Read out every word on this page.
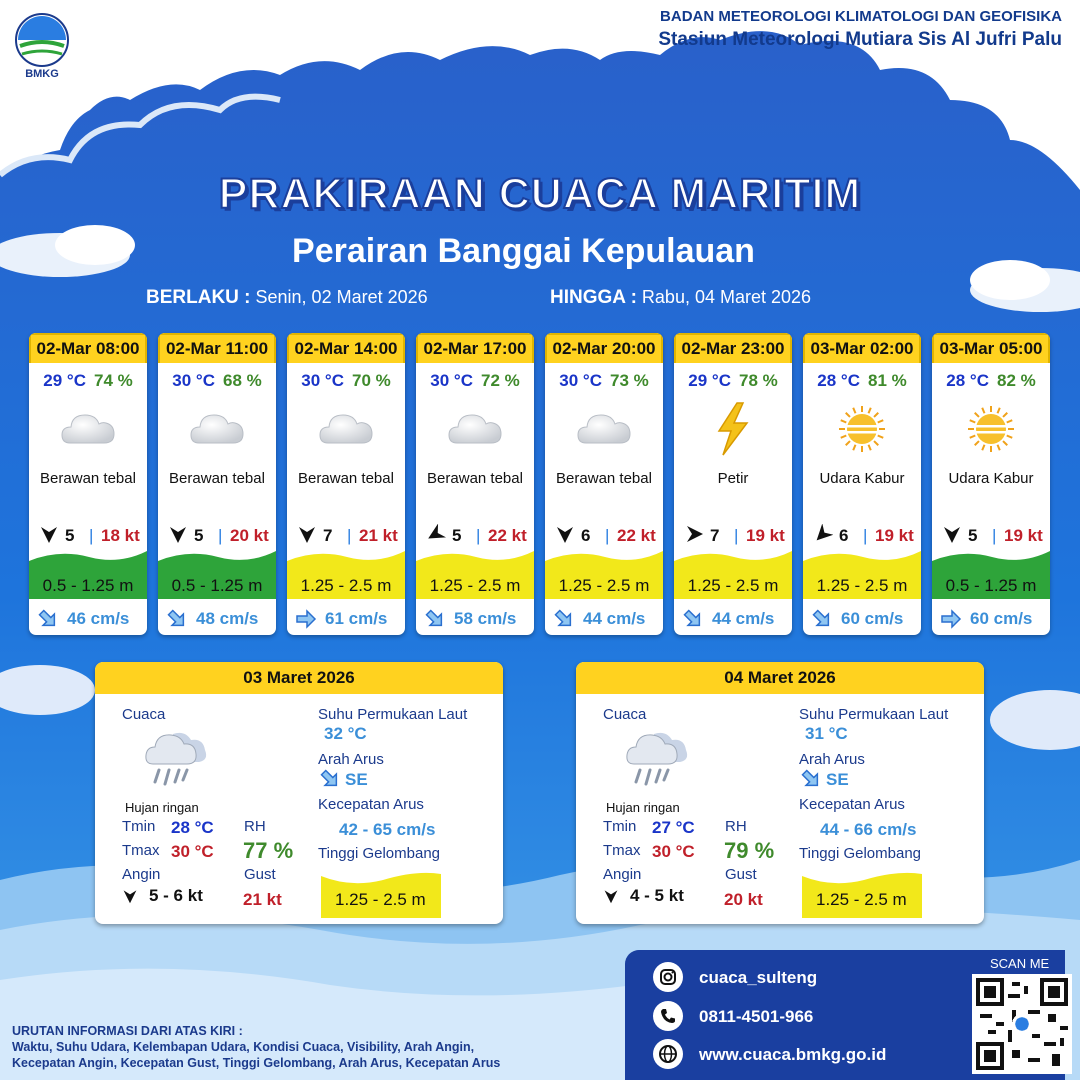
BMKG
BADAN METEOROLOGI KLIMATOLOGI DAN GEOFISIKA
Stasiun Meteorologi Mutiara Sis Al Jufri Palu
PRAKIRAAN CUACA MARITIM
Perairan Banggai Kepulauan
BERLAKU : Senin, 02 Maret 2026	HINGGA : Rabu, 04 Maret 2026
02-Mar 08:00
29 °C 74 %
Berawan tebal
5 | 18 kt
0.5 - 1.25 m
46 cm/s
02-Mar 11:00
30 °C 68 %
Berawan tebal
5 | 20 kt
0.5 - 1.25 m
48 cm/s
02-Mar 14:00
30 °C 70 %
Berawan tebal
7 | 21 kt
1.25 - 2.5 m
61 cm/s
02-Mar 17:00
30 °C 72 %
Berawan tebal
5 | 22 kt
1.25 - 2.5 m
58 cm/s
02-Mar 20:00
30 °C 73 %
Berawan tebal
6 | 22 kt
1.25 - 2.5 m
44 cm/s
02-Mar 23:00
29 °C 78 %
Petir
7 | 19 kt
1.25 - 2.5 m
44 cm/s
03-Mar 02:00
28 °C 81 %
Udara Kabur
6 | 19 kt
1.25 - 2.5 m
60 cm/s
03-Mar 05:00
28 °C 82 %
Udara Kabur
5 | 19 kt
0.5 - 1.25 m
60 cm/s
03 Maret 2026
Cuaca
Hujan ringan
Tmin 28 °C
Tmax 30 °C
Angin
5 - 6 kt
RH
77 %
Gust
21 kt
Suhu Permukaan Laut
32 °C
Arah Arus
SE
Kecepatan Arus
42 - 65 cm/s
Tinggi Gelombang
1.25 - 2.5 m
04 Maret 2026
Cuaca
Hujan ringan
Tmin 27 °C
Tmax 30 °C
Angin
4 - 5 kt
RH
79 %
Gust
20 kt
Suhu Permukaan Laut
31 °C
Arah Arus
SE
Kecepatan Arus
44 - 66 cm/s
Tinggi Gelombang
1.25 - 2.5 m
cuaca_sulteng
0811-4501-966
www.cuaca.bmkg.go.id
SCAN ME
URUTAN INFORMASI DARI ATAS KIRI :
Waktu, Suhu Udara, Kelembapan Udara, Kondisi Cuaca, Visibility, Arah Angin,
Kecepatan Angin, Kecepatan Gust, Tinggi Gelombang, Arah Arus, Kecepatan Arus
